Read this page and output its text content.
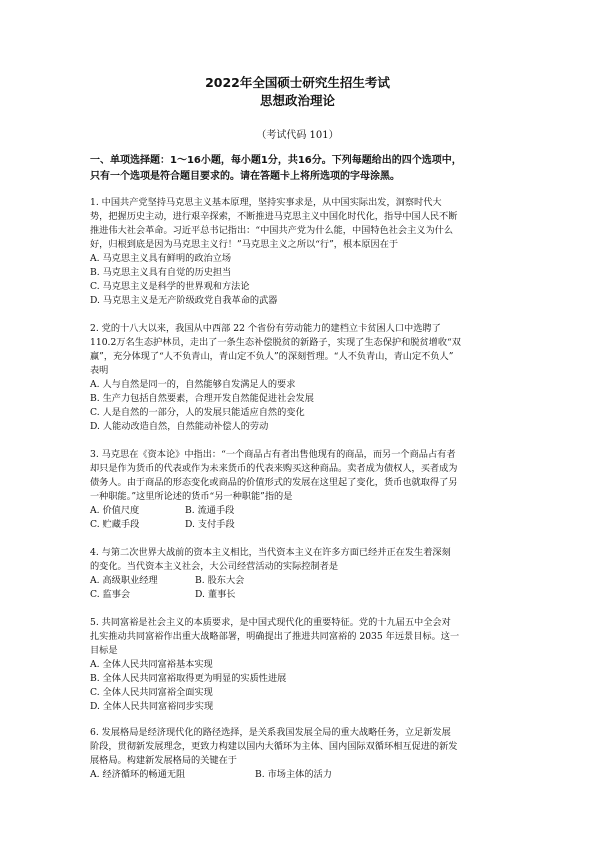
2022年全国硕士研究生招生考试
思想政治理论
（考试代码 101）
一、单项选择题：1～16小题，每小题1分，共16分。下列每题给出的四个选项中，
只有一个选项是符合题目要求的。请在答题卡上将所选项的字母涂黑。

1. 中国共产党坚持马克思主义基本原理，坚持实事求是，从中国实际出发，洞察时代大

势，把握历史主动，进行艰辛探索，不断推进马克思主义中国化时代化，指导中国人民不断

推进伟大社会革命。习近平总书记指出：“中国共产党为什么能，中国特色社会主义为什么

好，归根到底是因为马克思主义行！”马克思主义之所以“行”，根本原因在于

A. 马克思主义具有鲜明的政治立场

B. 马克思主义具有自觉的历史担当

C. 马克思主义是科学的世界观和方法论

D. 马克思主义是无产阶级政党自我革命的武器

2. 党的十八大以来，我国从中西部 22 个省份有劳动能力的建档立卡贫困人口中选聘了

110.2万名生态护林员，走出了一条生态补偿脱贫的新路子，实现了生态保护和脱贫增收“双

赢”，充分体现了“人不负青山，青山定不负人”的深刻哲理。“人不负青山，青山定不负人”

表明

A. 人与自然是同一的，自然能够自发满足人的要求

B. 生产力包括自然要素，合理开发自然能促进社会发展

C. 人是自然的一部分，人的发展只能适应自然的变化

D. 人能动改造自然，自然能动补偿人的劳动

3. 马克思在《资本论》中指出：“一个商品占有者出售他现有的商品，而另一个商品占有者

却只是作为货币的代表或作为未来货币的代表来购买这种商品。卖者成为债权人，买者成为

债务人。由于商品的形态变化或商品的价值形式的发展在这里起了变化，货币也就取得了另

一种职能。”这里所论述的货币“另一种职能”指的是

A. 价值尺度	B. 流通手段
C. 贮藏手段	D. 支付手段

4. 与第二次世界大战前的资本主义相比，当代资本主义在许多方面已经并正在发生着深刻

的变化。当代资本主义社会，大公司经营活动的实际控制者是

A. 高级职业经理	B. 股东大会
C. 监事会	D. 董事长

5. 共同富裕是社会主义的本质要求，是中国式现代化的重要特征。党的十九届五中全会对

扎实推动共同富裕作出重大战略部署，明确提出了推进共同富裕的 2035 年远景目标。这一

目标是

A. 全体人民共同富裕基本实现

B. 全体人民共同富裕取得更为明显的实质性进展

C. 全体人民共同富裕全面实现

D. 全体人民共同富裕同步实现

6. 发展格局是经济现代化的路径选择，是关系我国发展全局的重大战略任务，立足新发展

阶段，贯彻新发展理念，更致力构建以国内大循环为主体、国内国际双循环相互促进的新发

展格局。构建新发展格局的关键在于

A. 经济循环的畅通无阻	B. 市场主体的活力
